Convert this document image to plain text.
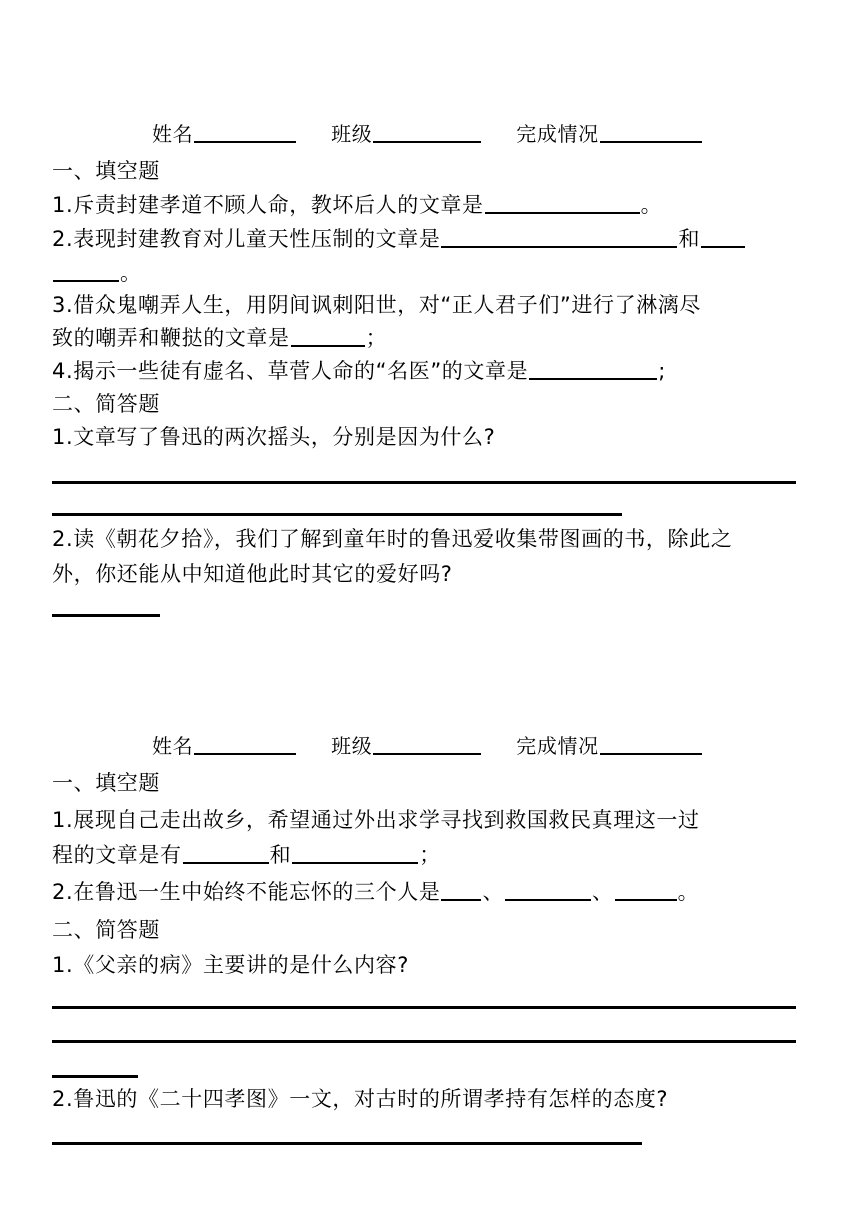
姓名	班级	完成情况
一、填空题
1.斥责封建孝道不顾人命，教坏后人的文章是	。
2.表现封建教育对儿童天性压制的文章是	和
。
3.借众鬼嘲弄人生，用阴间讽刺阳世，对“正人君子们”进行了淋漓尽
致的嘲弄和鞭挞的文章是	；
4.揭示一些徒有虚名、草菅人命的“名医”的文章是	;
二、简答题
1.文章写了鲁迅的两次摇头，分别是因为什么?
2.读《朝花夕拾》，我们了解到童年时的鲁迅爱收集带图画的书，除此之
外，你还能从中知道他此时其它的爱好吗?
姓名	班级	完成情况
一、填空题
1.展现自己走出故乡，希望通过外出求学寻找到救国救民真理这一过
程的文章是有	和	；
2.在鲁迅一生中始终不能忘怀的三个人是 、	、	。
二、简答题
1.《父亲的病》主要讲的是什么内容?
2.鲁迅的《二十四孝图》一文，对古时的所谓孝持有怎样的态度?
